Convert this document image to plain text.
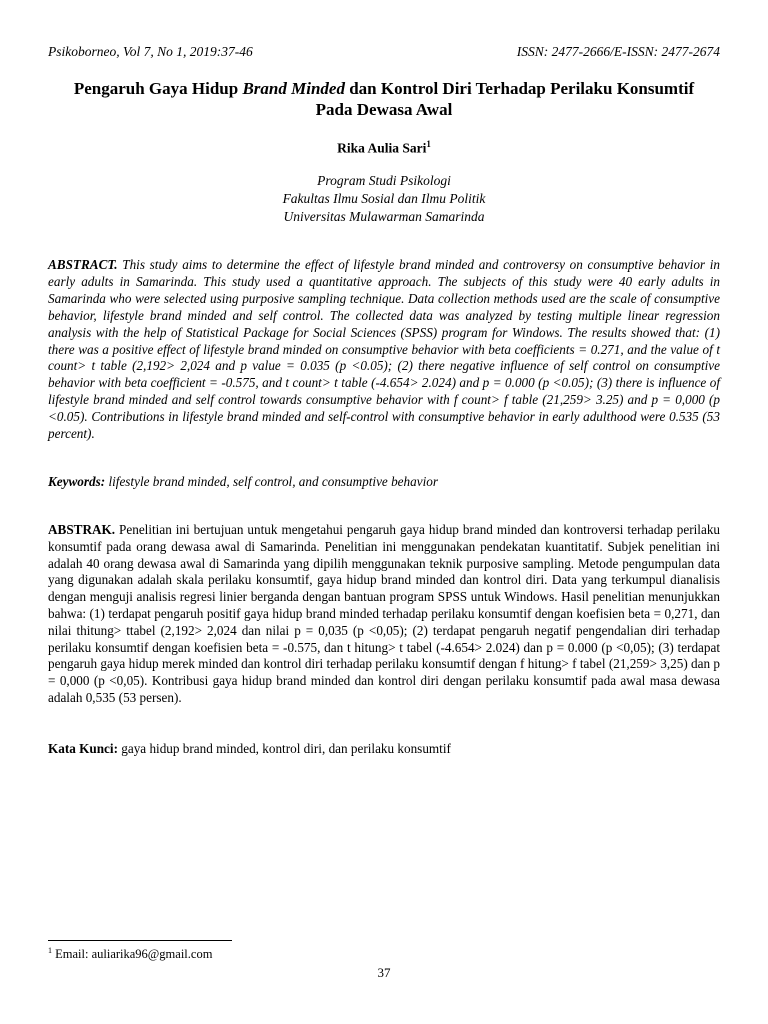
Psikoborneo, Vol 7, No 1, 2019:37-46	ISSN: 2477-2666/E-ISSN: 2477-2674
Pengaruh Gaya Hidup Brand Minded dan Kontrol Diri Terhadap Perilaku Konsumtif Pada Dewasa Awal
Rika Aulia Sari$^1$
Program Studi Psikologi
Fakultas Ilmu Sosial dan Ilmu Politik
Universitas Mulawarman Samarinda
ABSTRACT. This study aims to determine the effect of lifestyle brand minded and controversy on consumptive behavior in early adults in Samarinda. This study used a quantitative approach. The subjects of this study were 40 early adults in Samarinda who were selected using purposive sampling technique. Data collection methods used are the scale of consumptive behavior, lifestyle brand minded and self control. The collected data was analyzed by testing multiple linear regression analysis with the help of Statistical Package for Social Sciences (SPSS) program for Windows. The results showed that: (1) there was a positive effect of lifestyle brand minded on consumptive behavior with beta coefficients = 0.271, and the value of t count> t table (2,192> 2,024 and p value = 0.035 (p <0.05); (2) there negative influence of self control on consumptive behavior with beta coefficient = -0.575, and t count> t table (-4.654> 2.024) and p = 0.000 (p <0.05); (3) there is influence of lifestyle brand minded and self control towards consumptive behavior with f count> f table (21,259> 3.25) and p = 0,000 (p <0.05). Contributions in lifestyle brand minded and self-control with consumptive behavior in early adulthood were 0.535 (53 percent).
Keywords: lifestyle brand minded, self control, and consumptive behavior
ABSTRAK. Penelitian ini bertujuan untuk mengetahui pengaruh gaya hidup brand minded dan kontroversi terhadap perilaku konsumtif pada orang dewasa awal di Samarinda. Penelitian ini menggunakan pendekatan kuantitatif. Subjek penelitian ini adalah 40 orang dewasa awal di Samarinda yang dipilih menggunakan teknik purposive sampling. Metode pengumpulan data yang digunakan adalah skala perilaku konsumtif, gaya hidup brand minded dan kontrol diri. Data yang terkumpul dianalisis dengan menguji analisis regresi linier berganda dengan bantuan program SPSS untuk Windows. Hasil penelitian menunjukkan bahwa: (1) terdapat pengaruh positif gaya hidup brand minded terhadap perilaku konsumtif dengan koefisien beta = 0,271, dan nilai thitung> ttabel (2,192> 2,024 dan nilai p = 0,035 (p <0,05); (2) terdapat pengaruh negatif pengendalian diri terhadap perilaku konsumtif dengan koefisien beta = -0.575, dan t hitung> t tabel (-4.654> 2.024) dan p = 0.000 (p <0,05); (3) terdapat pengaruh gaya hidup merek minded dan kontrol diri terhadap perilaku konsumtif dengan f hitung> f tabel (21,259> 3,25) dan p = 0,000 (p <0,05). Kontribusi gaya hidup brand minded dan kontrol diri dengan perilaku konsumtif pada awal masa dewasa adalah 0,535 (53 persen).
Kata Kunci: gaya hidup brand minded, kontrol diri, dan perilaku konsumtif
$^1$ Email: auliarika96@gmail.com
37
